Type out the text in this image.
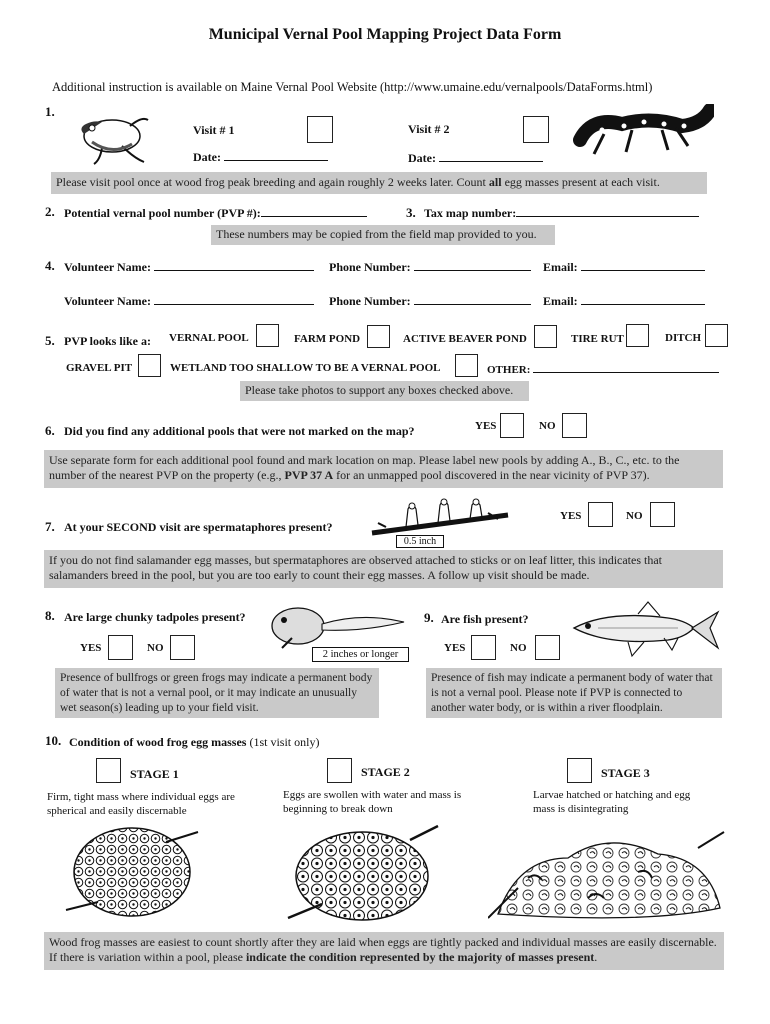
Municipal Vernal Pool Mapping Project Data Form
Additional instruction is available on Maine Vernal Pool Website (http://www.umaine.edu/vernalpools/DataForms.html)
1.
Visit # 1	Visit # 2
Date:	Date:
Please visit pool once at wood frog peak breeding and again roughly 2 weeks later. Count all egg masses present at each visit.
2. Potential vernal pool number (PVP #):	3. Tax map number:
These numbers may be copied from the field map provided to you.
4. Volunteer Name:	Phone Number:	Email:
Volunteer Name:	Phone Number:	Email:
5. PVP looks like a: VERNAL POOL	FARM POND	ACTIVE BEAVER POND	TIRE RUT	DITCH
GRAVEL PIT	WETLAND TOO SHALLOW TO BE A VERNAL POOL	OTHER:
Please take photos to support any boxes checked above.
6. Did you find any additional pools that were not marked on the map?	YES	NO
Use separate form for each additional pool found and mark location on map. Please label new pools by adding A., B., C., etc. to the number of the nearest PVP on the property (e.g., PVP 37 A for an unmapped pool discovered in the near vicinity of PVP 37).
7. At your SECOND visit are spermataphores present?
0.5 inch
YES	NO
If you do not find salamander egg masses, but spermataphores are observed attached to sticks or on leaf litter, this indicates that salamanders breed in the pool, but you are too early to count their egg masses. A follow up visit should be made.
8. Are large chunky tadpoles present?
2 inches or longer
YES	NO
Presence of bullfrogs or green frogs may indicate a permanent body of water that is not a vernal pool, or it may indicate an unusually wet season(s) leading up to your field visit.
9. Are fish present?
YES	NO
Presence of fish may indicate a permanent body of water that is not a vernal pool. Please note if PVP is connected to another water body, or is within a river floodplain.
10. Condition of wood frog egg masses (1st visit only)
STAGE 1
Firm, tight mass where individual eggs are spherical and easily discernable
STAGE 2
Eggs are swollen with water and mass is beginning to break down
STAGE 3
Larvae hatched or hatching and egg mass is disintegrating
Wood frog masses are easiest to count shortly after they are laid when eggs are tightly packed and individual masses are easily discernable. If there is variation within a pool, please indicate the condition represented by the majority of masses present.
